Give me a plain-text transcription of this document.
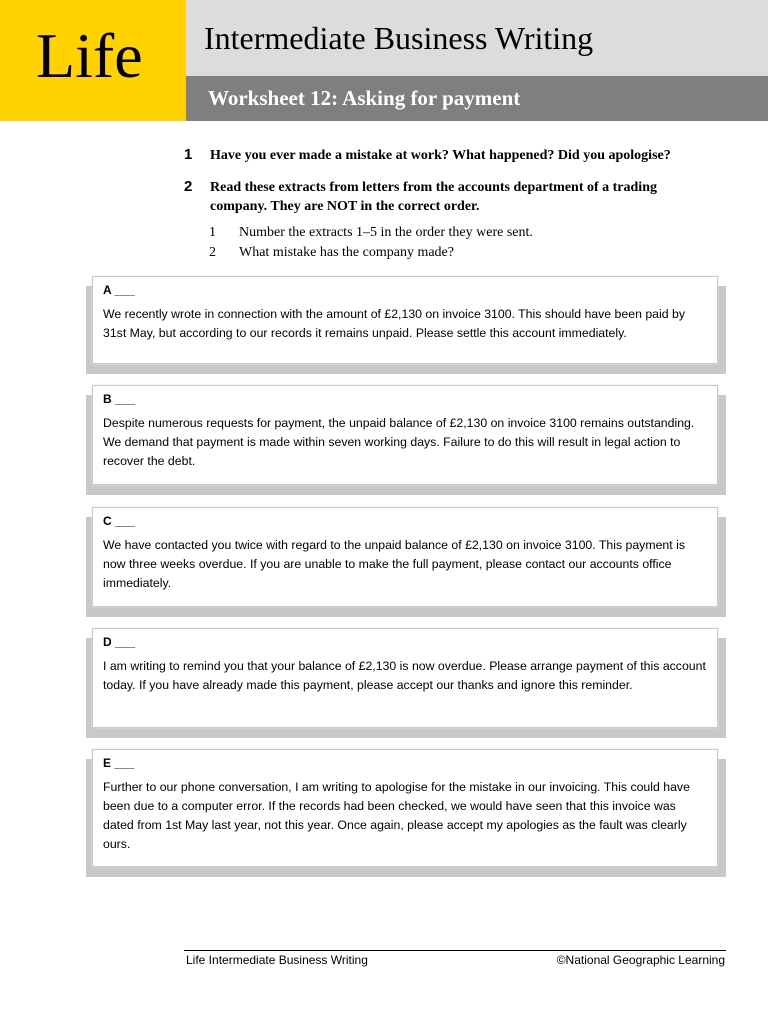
Life Intermediate Business Writing
Worksheet 12: Asking for payment
1 Have you ever made a mistake at work? What happened? Did you apologise?
2 Read these extracts from letters from the accounts department of a trading company. They are NOT in the correct order.
1 Number the extracts 1–5 in the order they were sent.
2 What mistake has the company made?
A ___
We recently wrote in connection with the amount of £2,130 on invoice 3100. This should have been paid by 31st May, but according to our records it remains unpaid. Please settle this account immediately.
B ___
Despite numerous requests for payment, the unpaid balance of £2,130 on invoice 3100 remains outstanding. We demand that payment is made within seven working days. Failure to do this will result in legal action to recover the debt.
C ___
We have contacted you twice with regard to the unpaid balance of £2,130 on invoice 3100. This payment is now three weeks overdue. If you are unable to make the full payment, please contact our accounts office immediately.
D ___
I am writing to remind you that your balance of £2,130 is now overdue. Please arrange payment of this account today. If you have already made this payment, please accept our thanks and ignore this reminder.
E ___
Further to our phone conversation, I am writing to apologise for the mistake in our invoicing. This could have been due to a computer error. If the records had been checked, we would have seen that this invoice was dated from 1st May last year, not this year. Once again, please accept my apologies as the fault was clearly ours.
Life Intermediate Business Writing	©National Geographic Learning
